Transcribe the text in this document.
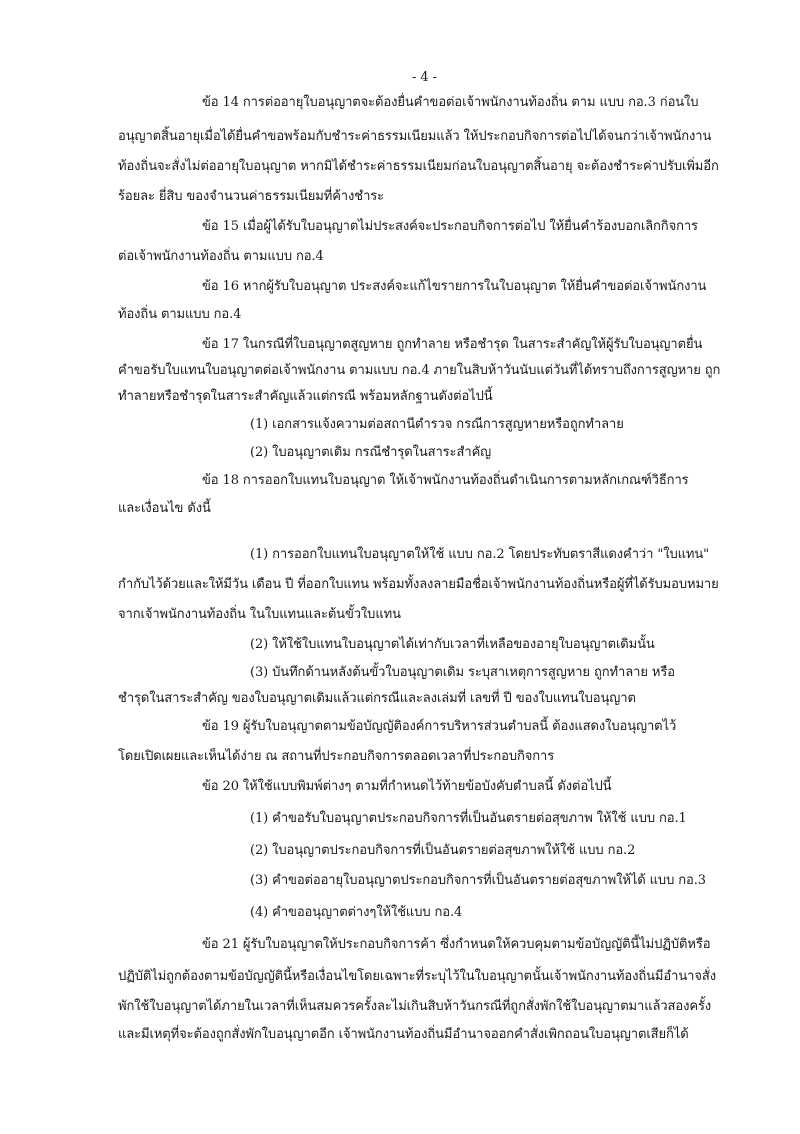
- 4 -

ข้อ 14 การต่ออายุใบอนุญาตจะต้องยื่นคำขอต่อเจ้าพนักงานท้องถิ่น ตาม แบบ กอ.3 ก่อนใบ

อนุญาตสิ้นอายุเมื่อได้ยื่นคำขอพร้อมกับชำระค่าธรรมเนียมแล้ว ให้ประกอบกิจการต่อไปได้จนกว่าเจ้าพนักงาน

ท้องถิ่นจะสั่งไม่ต่ออายุใบอนุญาต หากมิได้ชำระค่าธรรมเนียมก่อนใบอนุญาตสิ้นอายุ จะต้องชำระค่าปรับเพิ่มอีก

ร้อยละ ยี่สิบ ของจำนวนค่าธรรมเนียมที่ค้างชำระ

ข้อ 15 เมื่อผู้ได้รับใบอนุญาตไม่ประสงค์จะประกอบกิจการต่อไป ให้ยื่นคำร้องบอกเลิกกิจการ

ต่อเจ้าพนักงานท้องถิ่น ตามแบบ กอ.4

ข้อ 16 หากผู้รับใบอนุญาต ประสงค์จะแก้ไขรายการในใบอนุญาต ให้ยื่นคำขอต่อเจ้าพนักงาน

ท้องถิ่น ตามแบบ กอ.4

ข้อ 17 ในกรณีที่ใบอนุญาตสูญหาย ถูกทำลาย หรือชำรุด ในสาระสำคัญให้ผู้รับใบอนุญาตยื่น

คำขอรับใบแทนใบอนุญาตต่อเจ้าพนักงาน ตามแบบ กอ.4 ภายในสิบห้าวันนับแต่วันที่ได้ทราบถึงการสูญหาย ถูก

ทำลายหรือชำรุดในสาระสำคัญแล้วแต่กรณี พร้อมหลักฐานดังต่อไปนี้

(1) เอกสารแจ้งความต่อสถานีตำรวจ กรณีการสูญหายหรือถูกทำลาย

(2) ใบอนุญาตเดิม กรณีชำรุดในสาระสำคัญ

ข้อ 18 การออกใบแทนใบอนุญาต ให้เจ้าพนักงานท้องถิ่นดำเนินการตามหลักเกณฑ์วิธีการ

และเงื่อนไข ดังนี้

(1) การออกใบแทนใบอนุญาตให้ใช้ แบบ กอ.2 โดยประทับตราสีแดงคำว่า "ใบแทน"

กำกับไว้ด้วยและให้มีวัน เดือน ปี ที่ออกใบแทน พร้อมทั้งลงลายมือชื่อเจ้าพนักงานท้องถิ่นหรือผู้ที่ได้รับมอบหมาย

จากเจ้าพนักงานท้องถิ่น ในใบแทนและต้นขั้วใบแทน

(2) ให้ใช้ใบแทนใบอนุญาตได้เท่ากับเวลาที่เหลือของอายุใบอนุญาตเดิมนั้น

(3) บันทึกด้านหลังต้นขั้วใบอนุญาตเดิม ระบุสาเหตุการสูญหาย ถูกทำลาย หรือ

ชำรุดในสาระสำคัญ ของใบอนุญาตเดิมแล้วแต่กรณีและลงเล่มที่ เลขที่ ปี ของใบแทนใบอนุญาต

ข้อ 19 ผู้รับใบอนุญาตตามข้อบัญญัติองค์การบริหารส่วนตำบลนี้ ต้องแสดงใบอนุญาตไว้

โดยเปิดเผยและเห็นได้ง่าย ณ สถานที่ประกอบกิจการตลอดเวลาที่ประกอบกิจการ

ข้อ 20 ให้ใช้แบบพิมพ์ต่างๆ ตามที่กำหนดไว้ท้ายข้อบังคับตำบลนี้ ดังต่อไปนี้

(1) คำขอรับใบอนุญาตประกอบกิจการที่เป็นอันตรายต่อสุขภาพ ให้ใช้ แบบ กอ.1

(2) ใบอนุญาตประกอบกิจการที่เป็นอันตรายต่อสุขภาพให้ใช้ แบบ กอ.2

(3) คำขอต่ออายุใบอนุญาตประกอบกิจการที่เป็นอันตรายต่อสุขภาพให้ได้ แบบ กอ.3

(4) คำขออนุญาตต่างๆให้ใช้แบบ กอ.4

ข้อ 21 ผู้รับใบอนุญาตให้ประกอบกิจการค้า ซึ่งกำหนดให้ควบคุมตามข้อบัญญัตินี้ไม่ปฏิบัติหรือ

ปฏิบัติไม่ถูกต้องตามข้อบัญญัตินี้หรือเงื่อนไขโดยเฉพาะที่ระบุไว้ในใบอนุญาตนั้นเจ้าพนักงานท้องถิ่นมีอำนาจสั่ง

พักใช้ใบอนุญาตได้ภายในเวลาที่เห็นสมควรครั้งละไม่เกินสิบห้าวันกรณีที่ถูกสั่งพักใช้ใบอนุญาตมาแล้วสองครั้ง

และมีเหตุที่จะต้องถูกสั่งพักใบอนุญาตอีก เจ้าพนักงานท้องถิ่นมีอำนาจออกคำสั่งเพิกถอนใบอนุญาตเสียก็ได้
